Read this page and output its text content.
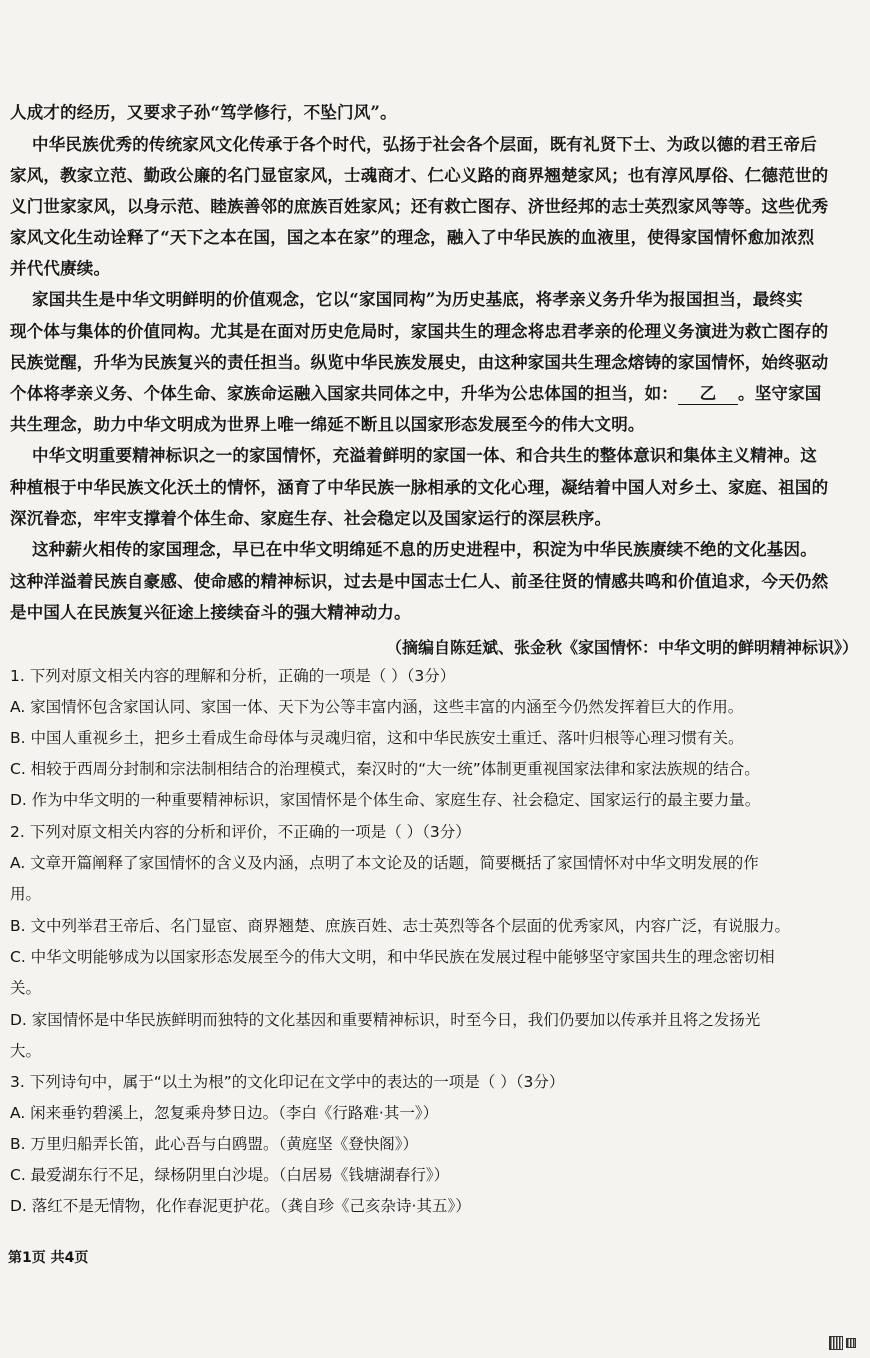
人成才的经历，又要求子孙“笃学修行，不坠门风”。
中华民族优秀的传统家风文化传承于各个时代，弘扬于社会各个层面，既有礼贤下士、为政以德的君王帝后
家风，教家立范、勤政公廉的名门显宦家风，士魂商才、仁心义路的商界翘楚家风；也有淳风厚俗、仁德范世的
义门世家家风，以身示范、睦族善邻的庶族百姓家风；还有救亡图存、济世经邦的志士英烈家风等等。这些优秀
家风文化生动诠释了“天下之本在国，国之本在家”的理念，融入了中华民族的血液里，使得家国情怀愈加浓烈
并代代赓续。
家国共生是中华文明鲜明的价值观念，它以“家国同构”为历史基底，将孝亲义务升华为报国担当，最终实
现个体与集体的价值同构。尤其是在面对历史危局时，家国共生的理念将忠君孝亲的伦理义务演进为救亡图存的
民族觉醒，升华为民族复兴的责任担当。纵览中华民族发展史，由这种家国共生理念熔铸的家国情怀，始终驱动
个体将孝亲义务、个体生命、家族命运融入国家共同体之中，升华为公忠体国的担当，如： 乙 。坚守家国
共生理念，助力中华文明成为世界上唯一绵延不断且以国家形态发展至今的伟大文明。
中华文明重要精神标识之一的家国情怀，充溢着鲜明的家国一体、和合共生的整体意识和集体主义精神。这
种植根于中华民族文化沃土的情怀，涵育了中华民族一脉相承的文化心理，凝结着中国人对乡土、家庭、祖国的
深沉眷恋，牢牢支撑着个体生命、家庭生存、社会稳定以及国家运行的深层秩序。
这种薪火相传的家国理念，早已在中华文明绵延不息的历史进程中，积淀为中华民族赓续不绝的文化基因。
这种洋溢着民族自豪感、使命感的精神标识，过去是中国志士仁人、前圣往贤的情感共鸣和价值追求，今天仍然
是中国人在民族复兴征途上接续奋斗的强大精神动力。
（摘编自陈廷斌、张金秋《家国情怀：中华文明的鲜明精神标识》）
1. 下列对原文相关内容的理解和分析，正确的一项是（ ）（3分）
A. 家国情怀包含家国认同、家国一体、天下为公等丰富内涵，这些丰富的内涵至今仍然发挥着巨大的作用。
B. 中国人重视乡土，把乡土看成生命母体与灵魂归宿，这和中华民族安土重迁、落叶归根等心理习惯有关。
C. 相较于西周分封制和宗法制相结合的治理模式，秦汉时的“大一统”体制更重视国家法律和家法族规的结合。
D. 作为中华文明的一种重要精神标识，家国情怀是个体生命、家庭生存、社会稳定、国家运行的最主要力量。
2. 下列对原文相关内容的分析和评价，不正确的一项是（ ）（3分）
A. 文章开篇阐释了家国情怀的含义及内涵，点明了本文论及的话题，简要概括了家国情怀对中华文明发展的作
用。
B. 文中列举君王帝后、名门显宦、商界翘楚、庶族百姓、志士英烈等各个层面的优秀家风，内容广泛，有说服力。
C. 中华文明能够成为以国家形态发展至今的伟大文明，和中华民族在发展过程中能够坚守家国共生的理念密切相
关。
D. 家国情怀是中华民族鲜明而独特的文化基因和重要精神标识，时至今日，我们仍要加以传承并且将之发扬光
大。
3. 下列诗句中，属于“以土为根”的文化印记在文学中的表达的一项是（ ）（3分）
A. 闲来垂钓碧溪上，忽复乘舟梦日边。（李白《行路难·其一》）
B. 万里归船弄长笛，此心吾与白鸥盟。（黄庭坚《登快阁》）
C. 最爱湖东行不足，绿杨阴里白沙堤。（白居易《钱塘湖春行》）
D. 落红不是无情物，化作春泥更护花。（龚自珍《己亥杂诗·其五》）
第1页 共4页
